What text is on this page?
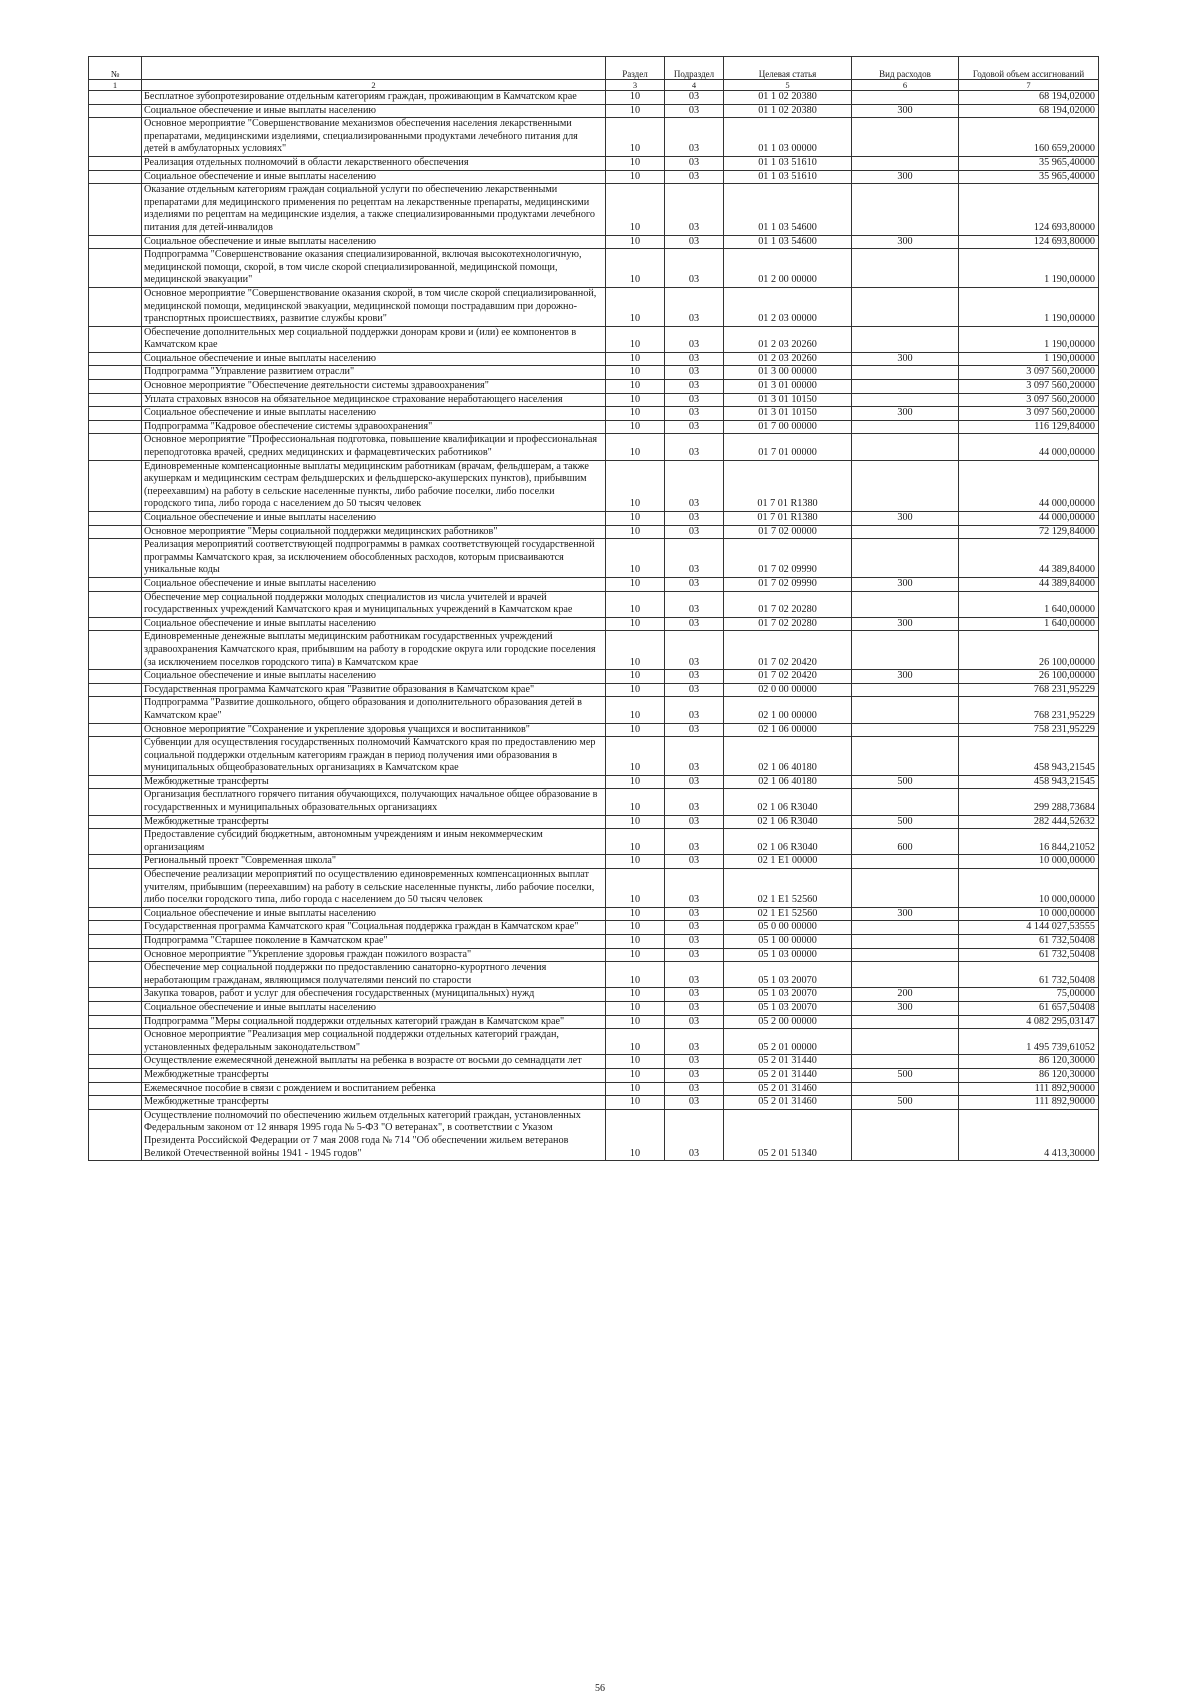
№		Раздел	Подраздел	Целевая статья	Вид расходов	Годовой объем ассигнований
1	2	3	4	5	6	7
	Бесплатное зубопротезирование отдельным категориям граждан, проживающим в Камчатском крае	10	03	01 1 02 20380		68 194,02000
	Социальное обеспечение и иные выплаты населению	10	03	01 1 02 20380	300	68 194,02000
	Основное мероприятие "Совершенствование механизмов обеспечения населения лекарственными препаратами, медицинскими изделиями, специализированными продуктами лечебного питания для детей в амбулаторных условиях"	10	03	01 1 03 00000		160 659,20000
	Реализация отдельных полномочий в области лекарственного обеспечения	10	03	01 1 03 51610		35 965,40000
	Социальное обеспечение и иные выплаты населению	10	03	01 1 03 51610	300	35 965,40000
	Оказание отдельным категориям граждан социальной услуги по обеспечению лекарственными препаратами для медицинского применения по рецептам на лекарственные препараты, медицинскими изделиями по рецептам на медицинские изделия, а также специализированными продуктами лечебного питания для детей-инвалидов	10	03	01 1 03 54600		124 693,80000
	Социальное обеспечение и иные выплаты населению	10	03	01 1 03 54600	300	124 693,80000
	Подпрограмма "Совершенствование оказания специализированной, включая высокотехнологичную, медицинской помощи, скорой, в том числе скорой специализированной, медицинской помощи, медицинской эвакуации"	10	03	01 2 00 00000		1 190,00000
	Основное мероприятие "Совершенствование оказания скорой, в том числе скорой специализированной, медицинской помощи, медицинской эвакуации, медицинской помощи пострадавшим при дорожно-транспортных происшествиях, развитие службы крови"	10	03	01 2 03 00000		1 190,00000
	Обеспечение дополнительных мер социальной поддержки донорам крови и (или) ее компонентов в Камчатском крае	10	03	01 2 03 20260		1 190,00000
	Социальное обеспечение и иные выплаты населению	10	03	01 2 03 20260	300	1 190,00000
	Подпрограмма "Управление развитием отрасли"	10	03	01 3 00 00000		3 097 560,20000
	Основное мероприятие "Обеспечение деятельности системы здравоохранения"	10	03	01 3 01 00000		3 097 560,20000
	Уплата страховых взносов на обязательное медицинское страхование неработающего населения	10	03	01 3 01 10150		3 097 560,20000
	Социальное обеспечение и иные выплаты населению	10	03	01 3 01 10150	300	3 097 560,20000
	Подпрограмма "Кадровое обеспечение системы здравоохранения"	10	03	01 7 00 00000		116 129,84000
	Основное мероприятие "Профессиональная подготовка, повышение квалификации и профессиональная переподготовка врачей, средних медицинских и фармацевтических работников"	10	03	01 7 01 00000		44 000,00000
	Единовременные компенсационные выплаты медицинским работникам (врачам, фельдшерам, а также акушеркам и медицинским сестрам фельдшерских и фельдшерско-акушерских пунктов), прибывшим (переехавшим) на работу в сельские населенные пункты, либо рабочие поселки, либо поселки городского типа, либо города с населением до 50 тысяч человек	10	03	01 7 01 R1380		44 000,00000
	Социальное обеспечение и иные выплаты населению	10	03	01 7 01 R1380	300	44 000,00000
	Основное мероприятие "Меры социальной поддержки медицинских работников"	10	03	01 7 02 00000		72 129,84000
	Реализация мероприятий соответствующей подпрограммы в рамках соответствующей государственной программы Камчатского края, за исключением обособленных расходов, которым присваиваются уникальные коды	10	03	01 7 02 09990		44 389,84000
	Социальное обеспечение и иные выплаты населению	10	03	01 7 02 09990	300	44 389,84000
	Обеспечение мер социальной поддержки молодых специалистов из числа учителей и врачей государственных учреждений Камчатского края и муниципальных учреждений в Камчатском крае	10	03	01 7 02 20280		1 640,00000
	Социальное обеспечение и иные выплаты населению	10	03	01 7 02 20280	300	1 640,00000
	Единовременные денежные выплаты медицинским работникам государственных учреждений здравоохранения Камчатского края, прибывшим на работу в городские округа или городские поселения (за исключением поселков городского типа) в Камчатском крае	10	03	01 7 02 20420		26 100,00000
	Социальное обеспечение и иные выплаты населению	10	03	01 7 02 20420	300	26 100,00000
	Государственная программа Камчатского края "Развитие образования в Камчатском крае"	10	03	02 0 00 00000		768 231,95229
	Подпрограмма "Развитие дошкольного, общего образования и дополнительного образования детей в Камчатском крае"	10	03	02 1 00 00000		768 231,95229
	Основное мероприятие "Сохранение и укрепление здоровья учащихся и воспитанников"	10	03	02 1 06 00000		758 231,95229
	Субвенции для осуществления государственных полномочий Камчатского края по предоставлению мер социальной поддержки отдельным категориям граждан в период получения ими образования в муниципальных общеобразовательных организациях в Камчатском крае	10	03	02 1 06 40180		458 943,21545
	Межбюджетные трансферты	10	03	02 1 06 40180	500	458 943,21545
	Организация бесплатного горячего питания обучающихся, получающих начальное общее образование в государственных и муниципальных образовательных организациях	10	03	02 1 06 R3040		299 288,73684
	Межбюджетные трансферты	10	03	02 1 06 R3040	500	282 444,52632
	Предоставление субсидий бюджетным, автономным учреждениям и иным некоммерческим организациям	10	03	02 1 06 R3040	600	16 844,21052
	Региональный проект "Современная школа"	10	03	02 1 E1 00000		10 000,00000
	Обеспечение реализации мероприятий по осуществлению единовременных компенсационных выплат учителям, прибывшим (переехавшим) на работу в сельские населенные пункты, либо рабочие поселки, либо поселки городского типа, либо города с населением до 50 тысяч человек	10	03	02 1 E1 52560		10 000,00000
	Социальное обеспечение и иные выплаты населению	10	03	02 1 E1 52560	300	10 000,00000
	Государственная программа Камчатского края "Социальная поддержка граждан в Камчатском крае"	10	03	05 0 00 00000		4 144 027,53555
	Подпрограмма "Старшее поколение в Камчатском крае"	10	03	05 1 00 00000		61 732,50408
	Основное мероприятие "Укрепление здоровья граждан пожилого возраста"	10	03	05 1 03 00000		61 732,50408
	Обеспечение мер социальной поддержки по предоставлению санаторно-курортного лечения неработающим гражданам, являющимся получателями пенсий по старости	10	03	05 1 03 20070		61 732,50408
	Закупка товаров, работ и услуг для обеспечения государственных (муниципальных) нужд	10	03	05 1 03 20070	200	75,00000
	Социальное обеспечение и иные выплаты населению	10	03	05 1 03 20070	300	61 657,50408
	Подпрограмма "Меры социальной поддержки отдельных категорий граждан в Камчатском крае"	10	03	05 2 00 00000		4 082 295,03147
	Основное мероприятие "Реализация мер социальной поддержки отдельных категорий граждан, установленных федеральным законодательством"	10	03	05 2 01 00000		1 495 739,61052
	Осуществление ежемесячной денежной выплаты на ребенка в возрасте от восьми до семнадцати лет	10	03	05 2 01 31440		86 120,30000
	Межбюджетные трансферты	10	03	05 2 01 31440	500	86 120,30000
	Ежемесячное пособие в связи с рождением и воспитанием ребенка	10	03	05 2 01 31460		111 892,90000
	Межбюджетные трансферты	10	03	05 2 01 31460	500	111 892,90000
	Осуществление полномочий по обеспечению жильем отдельных категорий граждан, установленных Федеральным законом от 12 января 1995 года № 5-ФЗ "О ветеранах", в соответствии с Указом Президента Российской Федерации от 7 мая 2008 года № 714 "Об обеспечении жильем ветеранов Великой Отечественной войны 1941 - 1945 годов"	10	03	05 2 01 51340		4 413,30000
56
